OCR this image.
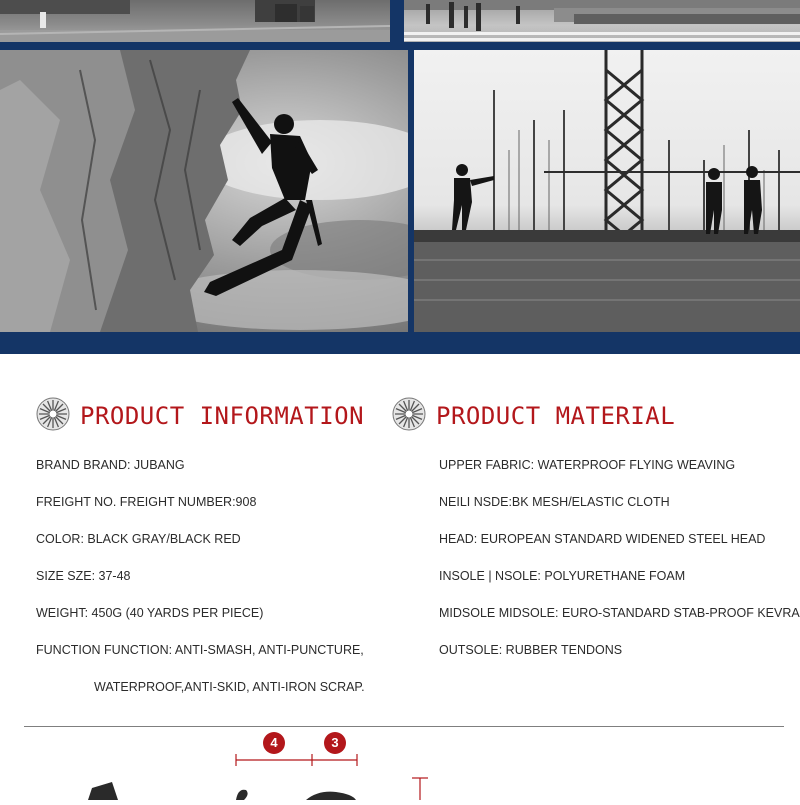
PRODUCT INFORMATION
BRAND BRAND: JUBANG
FREIGHT NO. FREIGHT NUMBER:908
COLOR: BLACK GRAY/BLACK RED
SIZE SZE: 37-48
WEIGHT: 450G (40 YARDS PER PIECE)
FUNCTION FUNCTION: ANTI-SMASH, ANTI-PUNCTURE,
WATERPROOF,ANTI-SKID, ANTI-IRON SCRAP.
PRODUCT MATERIAL
UPPER FABRIC: WATERPROOF FLYING WEAVING
NEILI NSDE:BK MESH/ELASTIC CLOTH
HEAD: EUROPEAN STANDARD WIDENED STEEL HEAD
INSOLE | NSOLE: POLYURETHANE FOAM
MIDSOLE MIDSOLE: EURO-STANDARD STAB-PROOF KEVRA
OUTSOLE: RUBBER TENDONS
4	3
